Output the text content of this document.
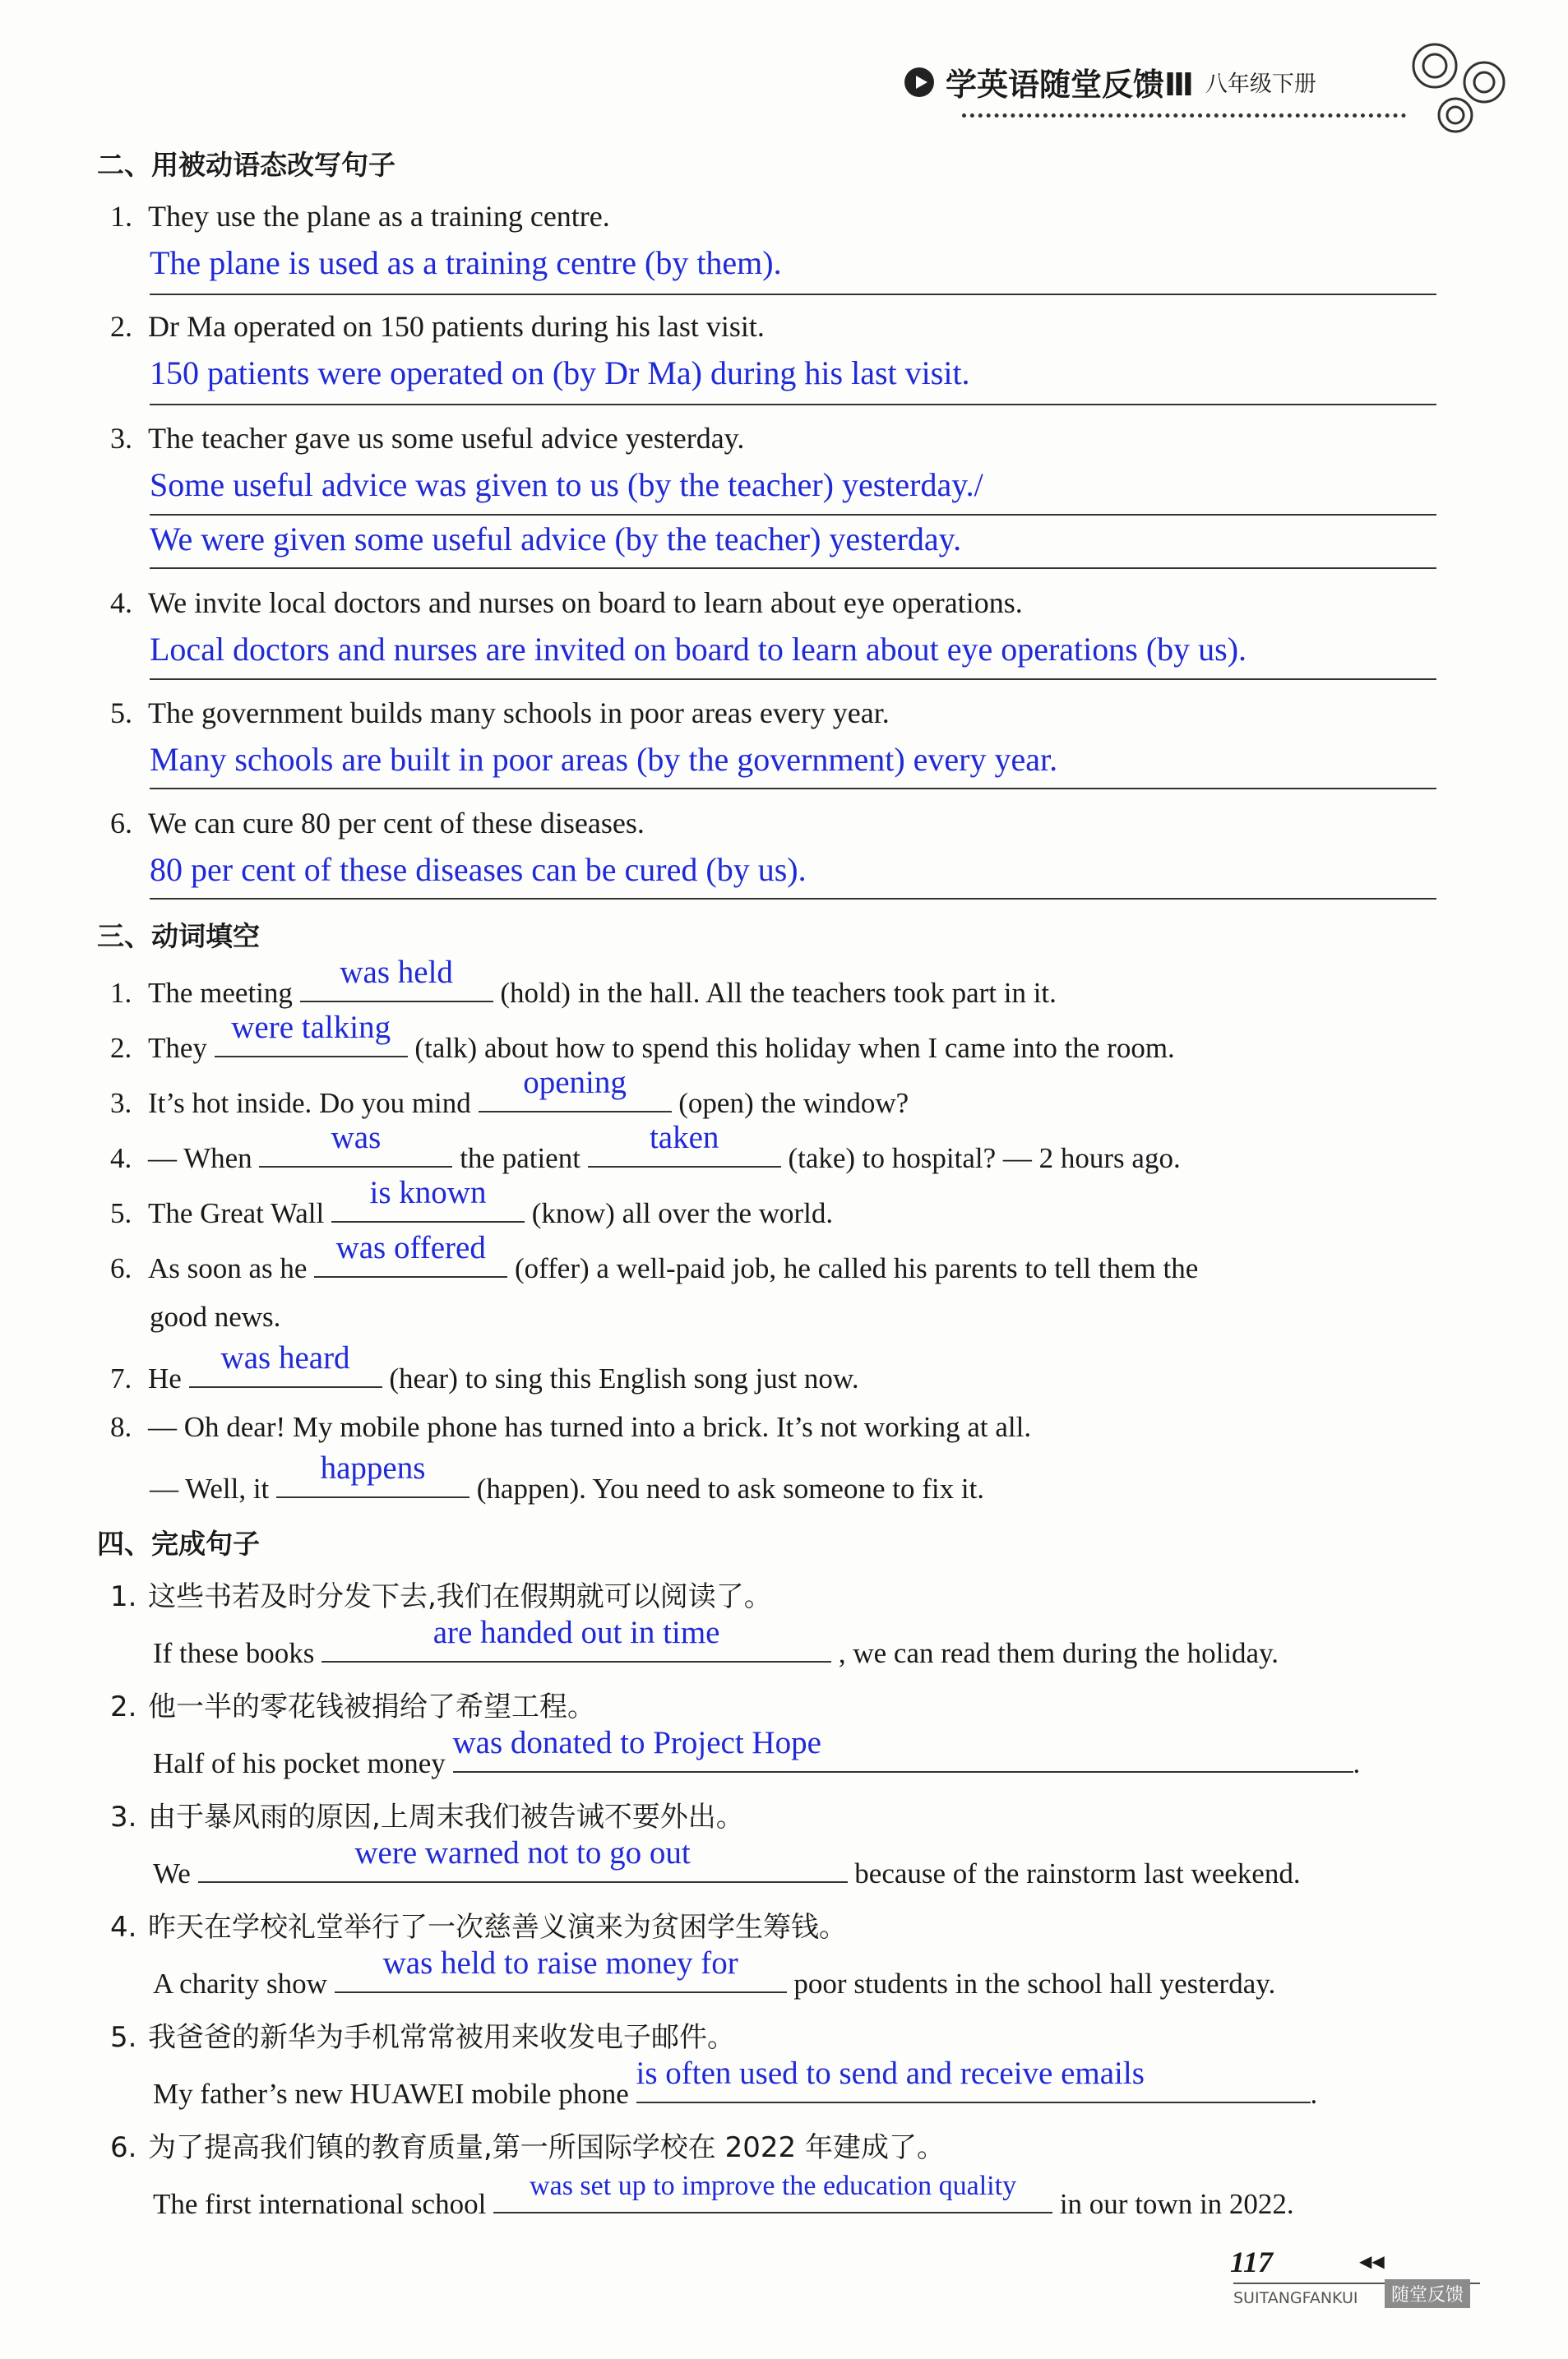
学英语随堂反馈Ⅲ 八年级下册
二、用被动语态改写句子
1. They use the plane as a training centre.
The plane is used as a training centre (by them).
2. Dr Ma operated on 150 patients during his last visit.
150 patients were operated on (by Dr Ma) during his last visit.
3. The teacher gave us some useful advice yesterday.
Some useful advice was given to us (by the teacher) yesterday./
We were given some useful advice (by the teacher) yesterday.
4. We invite local doctors and nurses on board to learn about eye operations.
Local doctors and nurses are invited on board to learn about eye operations (by us).
5. The government builds many schools in poor areas every year.
Many schools are built in poor areas (by the government) every year.
6. We can cure 80 per cent of these diseases.
80 per cent of these diseases can be cured (by us).
三、动词填空
1. The meeting
was held
(hold) in the hall. All the teachers took part in it.
2. They
were talking
(talk) about how to spend this holiday when I came into the room.
3. It’s hot inside. Do you mind
opening
(open) the window?
4. — When
was
the patient
taken
(take) to hospital? — 2 hours ago.
5. The Great Wall
is known
(know) all over the world.
6. As soon as he
was offered
(offer) a well-paid job, he called his parents to tell them the
good news.
7. He
was heard
(hear) to sing this English song just now.
8. — Oh dear! My mobile phone has turned into a brick. It’s not working at all.
— Well, it
happens
(happen). You need to ask someone to fix it.
四、完成句子
1. 这些书若及时分发下去,我们在假期就可以阅读了。
If these books
are handed out in time
, we can read them during the holiday.
2. 他一半的零花钱被捐给了希望工程。
Half of his pocket money
was donated to Project Hope
.
3. 由于暴风雨的原因,上周末我们被告诫不要外出。
We
were warned not to go out
because of the rainstorm last weekend.
4. 昨天在学校礼堂举行了一次慈善义演来为贫困学生筹钱。
A charity show
was held to raise money for
poor students in the school hall yesterday.
5. 我爸爸的新华为手机常常被用来收发电子邮件。
My father’s new HUAWEI mobile phone
is often used to send and receive emails
.
6. 为了提高我们镇的教育质量,第一所国际学校在 2022 年建成了。
The first international school
was set up to improve the education quality
in our town in 2022.
117	◀◀
SUITANGFANKUI	随堂反馈
